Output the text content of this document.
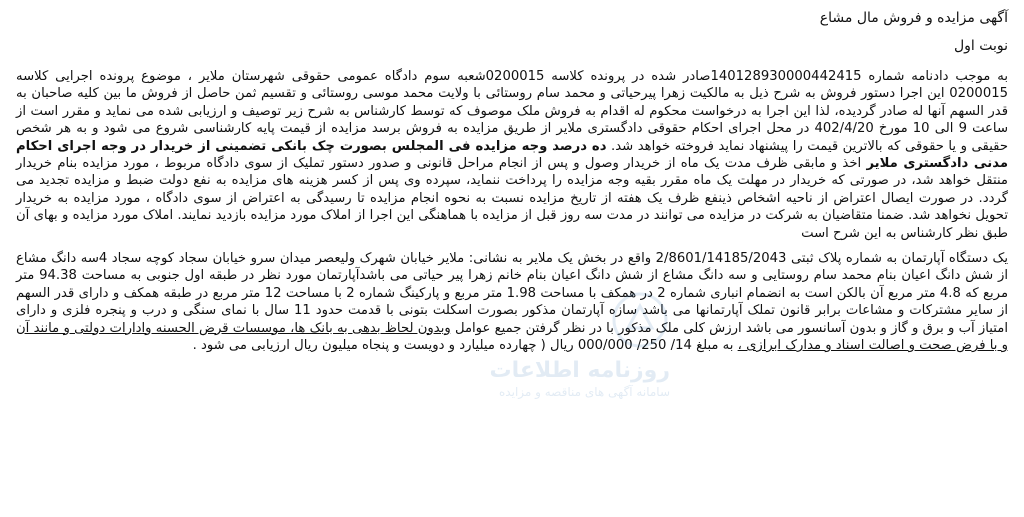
آگهی مزایده و فروش مال مشاع
نوبت اول

به موجب دادنامه شماره 140128930000442415صادر شده در پرونده کلاسه 0200015شعبه سوم دادگاه عمومی حقوقی شهرستان ملایر ، موضوع پرونده اجرایی کلاسه 0200015 این اجرا دستور فروش به شرح ذیل به مالکیت زهرا پیرحیاتی و محمد سام روستائی با ولایت محمد موسی روستائی و تقسیم ثمن حاصل از فروش ما بین کلیه صاحبان به قدر السهم آنها له صادر گردیده، لذا این اجرا به درخواست محکوم له اقدام به فروش ملک موصوف که توسط کارشناس به شرح زیر توصیف و ارزیابی شده می نماید و مقرر است از ساعت 9 الی 10 مورخ 402/4/20 در محل اجرای احکام حقوقی دادگستری ملایر از طریق مزایده به فروش برسد مزایده از قیمت پایه کارشناسی شروع می شود و به هر شخص حقیقی و یا حقوقی که بالاترین قیمت را پیشنهاد نماید فروخته خواهد شد. ده درصد وجه مزایده فی المجلس بصورت چک بانکی تضمینی از خریدار در وجه اجرای احکام مدنی دادگستری ملایر اخذ و مابقی ظرف مدت یک ماه از خریدار وصول و پس از انجام مراحل قانونی و صدور دستور تملیک از سوی دادگاه مربوط ، مورد مزایده بنام خریدار منتقل خواهد شد، در صورتی که خریدار در مهلت یک ماه مقرر بقیه وجه مزایده را پرداخت ننماید، سپرده وی پس از کسر هزینه های مزایده به نفع دولت ضبط و مزایده تجدید می گردد. در صورت ایصال اعتراض از ناحیه اشخاص ذینفع ظرف یک هفته از تاریخ مزایده نسبت به نحوه انجام مزایده تا رسیدگی به اعتراض از سوی دادگاه ، مورد مزایده به خریدار تحویل نخواهد شد. ضمنا متقاضیان به شرکت در مزایده می توانند در مدت سه روز قبل از مزایده با هماهنگی این اجرا از املاک مورد مزایده بازدید نمایند. املاک مورد مزایده و بهای آن طبق نظر کارشناس به این شرح است

یک دستگاه آپارتمان به شماره پلاک ثبتی 2/8601/14185/2043 واقع در بخش یک ملایر به نشانی: ملایر خیابان شهرک ولیعصر میدان سرو خیابان سجاد کوچه سجاد 4سه دانگ مشاع از شش دانگ اعیان بنام محمد سام روستایی و سه دانگ مشاع از شش دانگ اعیان بنام خانم زهرا پیر حیاتی می باشدآپارتمان مورد نظر در طبقه اول جنوبی به مساحت 94.38 متر مربع که 4.8 متر مربع آن بالکن است به انضمام انباری شماره 2 در همکف با مساحت 1.98 متر مربع و پارکینگ شماره 2 با مساحت 12 متر مربع در طبقه همکف و دارای قدر السهم از سایر مشترکات و مشاعات برابر قانون تملک آپارتمانها می باشد سازه آپارتمان مذکور بصورت اسکلت بتونی با قدمت حدود 11 سال با نمای سنگی و درب و پنجره فلزی و دارای امتیاز آب و برق و گاز و بدون آسانسور می باشد ارزش کلی ملک مذکور با در نظر گرفتن جمیع عوامل وبدون لحاظ بدهی به بانک ها، موسسات قرض الحسنه وادارات دولتی و مانند آن و با فرض صحت و اصالت اسناد و مدارک ابرازی ، به مبلغ 14/ 250/ 000/000 ریال ( چهارده میلیارد و دویست و پنجاه میلیون ریال ارزیابی می شود .

روزنامه اطلاعات
سامانه آگهی های مناقصه و مزایده
